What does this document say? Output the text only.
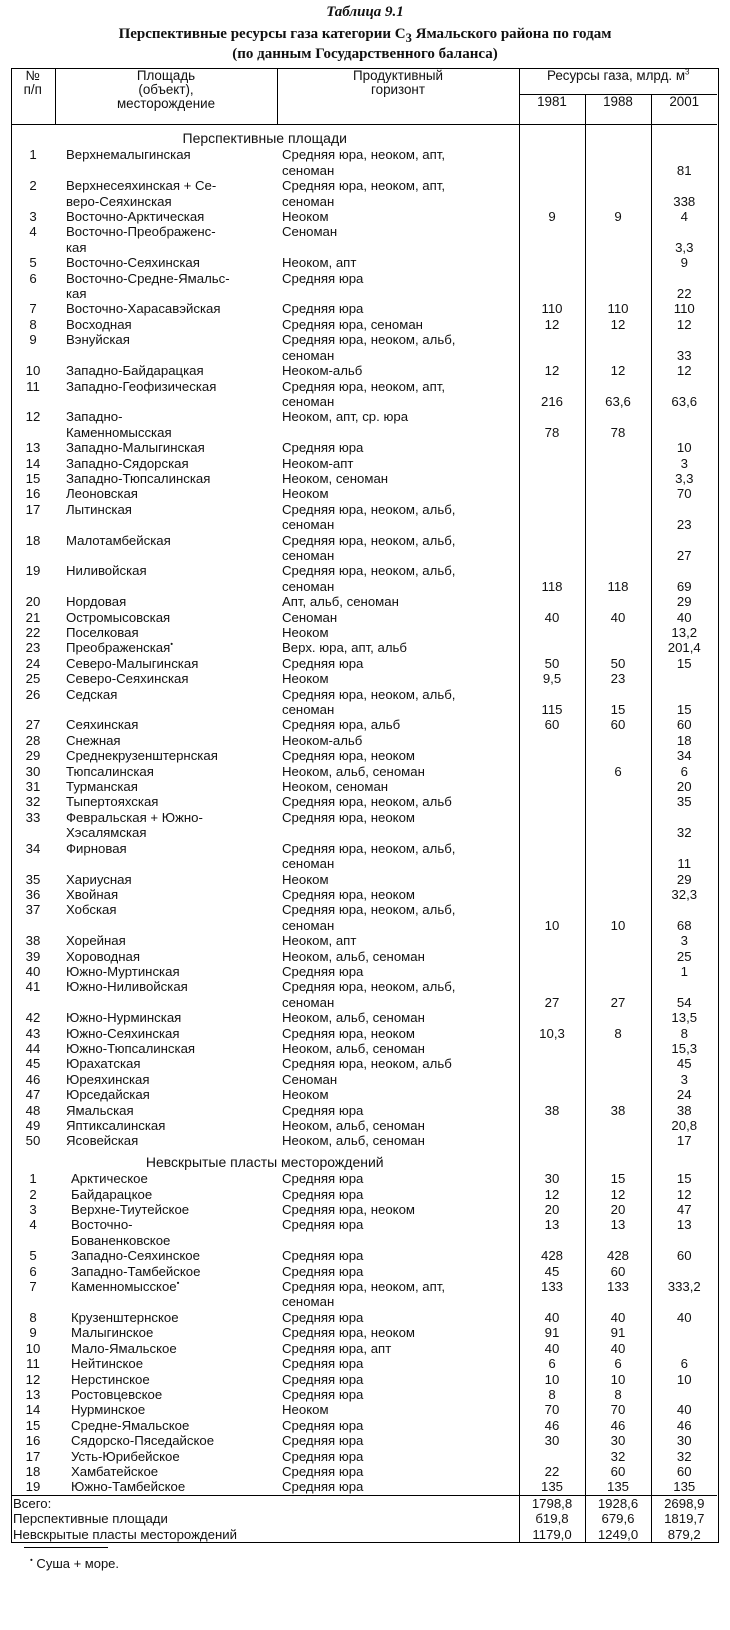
Таблица 9.1
Перспективные ресурсы газа категории $С_3$ Ямальского района по годам
(по данным Государственного баланса)
№
п/п	Площадь
(объект),
месторождение	Продуктивный
горизонт	Ресурсы газа, млрд. $м^3$
			1981	1988	2001
Перспективные площади					
1	Верхнемалыгинская	Средняя юра, неоком, апт,
сеноман			81
2	Верхнесеяхинская + Се-
веро-Сеяхинская	Средняя юра, неоком, апт,
сеноман			338
3	Восточно-Арктическая	Неоком	9	9	4
4	Восточно-Преображенс-
кая	Сеноман			3,3
5	Восточно-Сеяхинская	Неоком, апт			9
6	Восточно-Средне-Ямальс-
кая	Средняя юра			22
7	Восточно-Харасавэйская	Средняя юра	110	110	110
8	Восходная	Средняя юра, сеноман	12	12	12
9	Вэнуйская	Средняя юра, неоком, альб,
сеноман			33
10	Западно-Байдарацкая	Неоком-альб	12	12	12
11	Западно-Геофизическая	Средняя юра, неоком, апт,
сеноман	216	63,6	63,6
12	Западно-
Каменномысская	Неоком, апт, ср. юра	78	78	
13	Западно-Малыгинская	Средняя юра			10
14	Западно-Сядорская	Неоком-апт			3
15	Западно-Тюпсалинская	Неоком, сеноман			3,3
16	Леоновская	Неоком			70
17	Лытинская	Средняя юра, неоком, альб,
сеноман			23
18	Малотамбейская	Средняя юра, неоком, альб,
сеноман			27
19	Ниливойская	Средняя юра, неоком, альб,
сеноман	118	118	69
20	Нордовая	Апт, альб, сеноман			29
21	Остромысовская	Сеноман	40	40	40
22	Поселковая	Неоком			13,2
23	Преображенская•	Верх. юра, апт, альб			201,4
24	Северо-Малыгинская	Средняя юра	50	50	15
25	Северо-Сеяхинская	Неоком	9,5	23	
26	Седская	Средняя юра, неоком, альб,
сеноман	115	15	15
27	Сеяхинская	Средняя юра, альб	60	60	60
28	Снежная	Неоком-альб			18
29	Среднекрузенштернская	Средняя юра, неоком			34
30	Тюпсалинская	Неоком, альб, сеноман		6	6
31	Турманская	Неоком, сеноман			20
32	Тыпертояхская	Средняя юра, неоком, альб			35
33	Февральская + Южно-
Хэсалямская	Средняя юра, неоком			32
34	Фирновая	Средняя юра, неоком, альб,
сеноман			11
35	Хариусная	Неоком			29
36	Хвойная	Средняя юра, неоком			32,3
37	Хобская	Средняя юра, неоком, альб,
сеноман	10	10	68
38	Хорейная	Неоком, апт			3
39	Хороводная	Неоком, альб, сеноман			25
40	Южно-Муртинская	Средняя юра			1
41	Южно-Ниливойская	Средняя юра, неоком, альб,
сеноман	27	27	54
42	Южно-Нурминская	Неоком, альб, сеноман			13,5
43	Южно-Сеяхинская	Средняя юра, неоком	10,3	8	8
44	Южно-Тюпсалинская	Неоком, альб, сеноман			15,3
45	Юрахатская	Средняя юра, неоком, альб			45
46	Юреяхинская	Сеноман			3
47	Юрседайская	Неоком			24
48	Ямальская	Средняя юра	38	38	38
49	Яптиксалинская	Неоком, альб, сеноман			20,8
50	Ясовейская	Неоком, альб, сеноман			17
Невскрытые пласты месторождений					
1	Арктическое	Средняя юра	30	15	15
2	Байдарацкое	Средняя юра	12	12	12
3	Верхне-Тиутейское	Средняя юра, неоком	20	20	47
4	Восточно-
Бованенковское	Средняя юра	13	13	13
5	Западно-Сеяхинское	Средняя юра	428	428	60
6	Западно-Тамбейское	Средняя юра	45	60	
7	Каменномысское•	Средняя юра, неоком, апт,
сеноман	133	133	333,2
8	Крузенштернское	Средняя юра	40	40	40
9	Малыгинское	Средняя юра, неоком	91	91	
10	Мало-Ямальское	Средняя юра, апт	40	40	
11	Нейтинское	Средняя юра	6	6	6
12	Нерстинское	Средняя юра	10	10	10
13	Ростовцевское	Средняя юра	8	8	
14	Нурминское	Неоком	70	70	40
15	Средне-Ямальское	Средняя юра	46	46	46
16	Сядорско-Пяседайское	Средняя юра	30	30	30
17	Усть-Юрибейское	Средняя юра		32	32
18	Хамбатейское	Средняя юра	22	60	60
19	Южно-Тамбейское	Средняя юра	135	135	135
Всего:			1798,8	1928,6	2698,9
Перспективные площади			б19,8	679,6	1819,7
Невскрытые пласты месторождений			1179,0	1249,0	879,2
• Суша + море.
